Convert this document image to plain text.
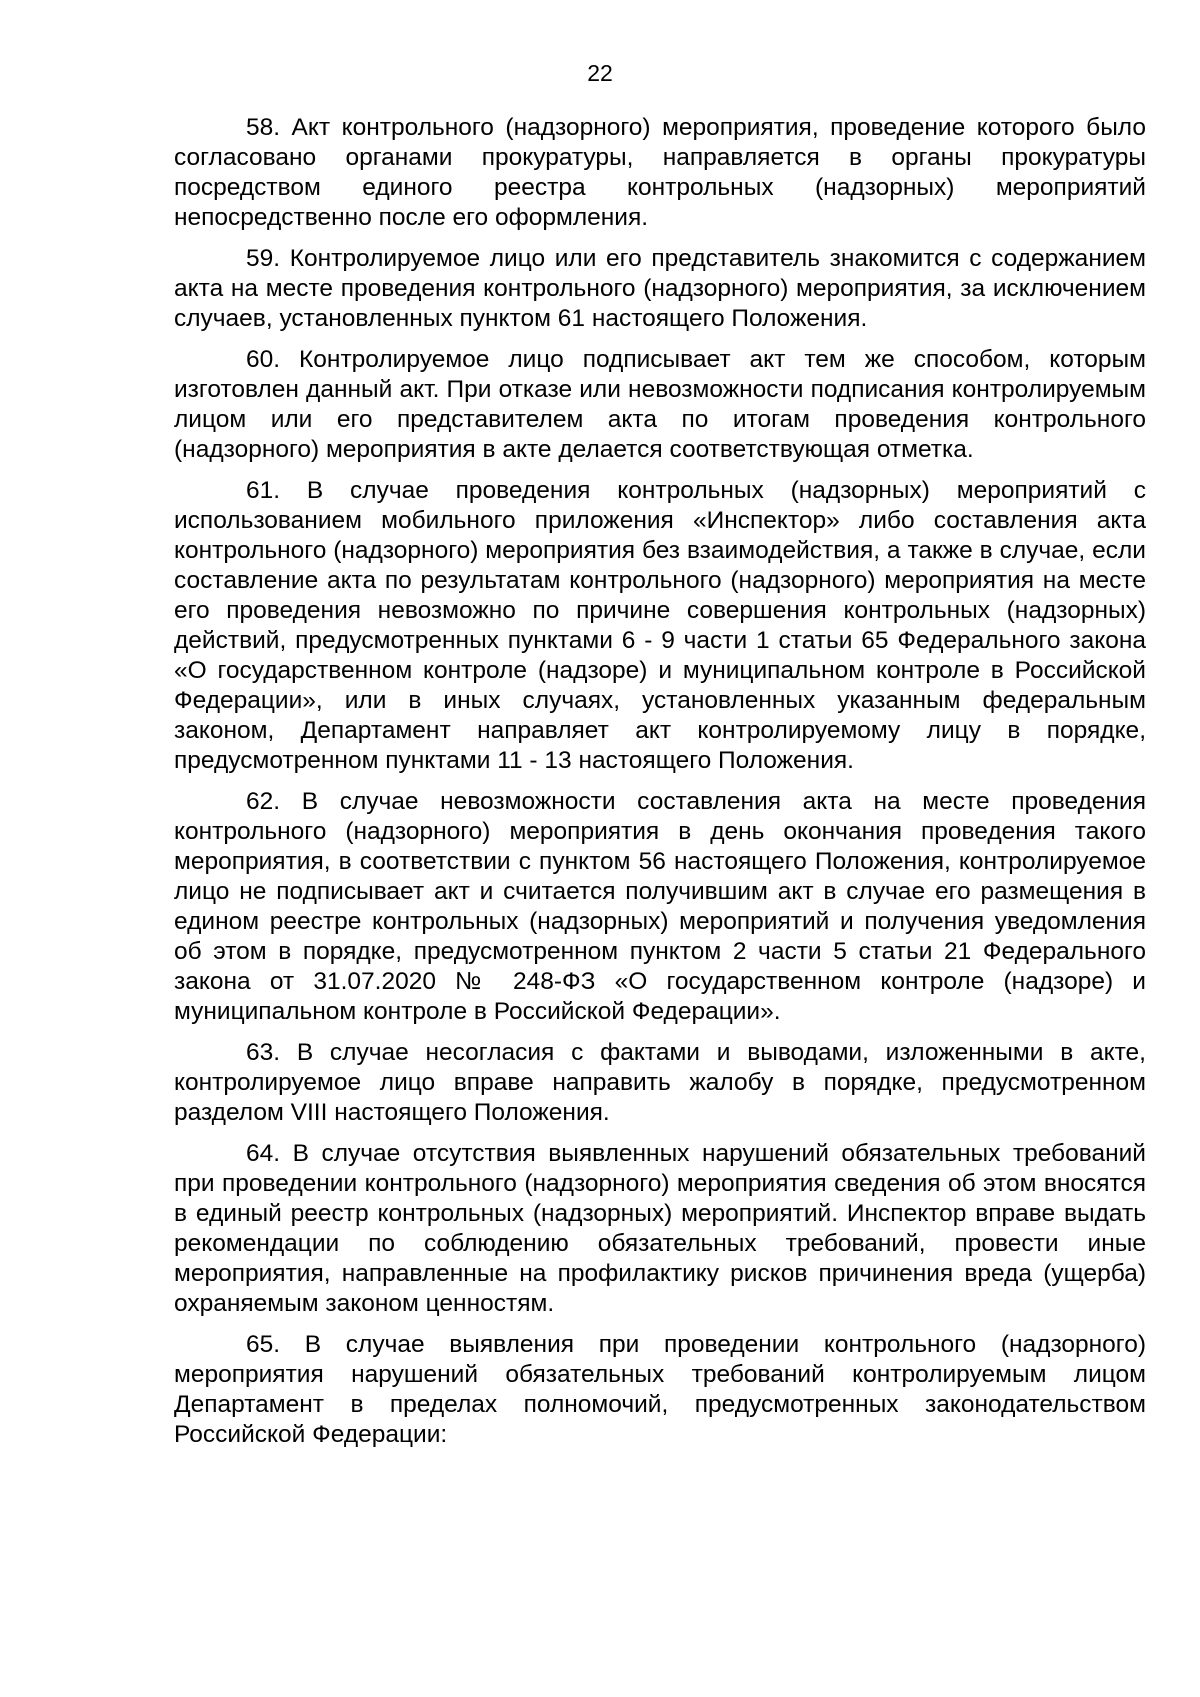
22

58. Акт контрольного (надзорного) мероприятия, проведение которого было согласовано органами прокуратуры, направляется в органы прокуратуры посредством единого реестра контрольных (надзорных) мероприятий непосредственно после его оформления.

59. Контролируемое лицо или его представитель знакомится с содержанием акта на месте проведения контрольного (надзорного) мероприятия, за исключением случаев, установленных пунктом 61 настоящего Положения.

60. Контролируемое лицо подписывает акт тем же способом, которым изготовлен данный акт. При отказе или невозможности подписания контролируемым лицом или его представителем акта по итогам проведения контрольного (надзорного) мероприятия в акте делается соответствующая отметка.

61. В случае проведения контрольных (надзорных) мероприятий с использованием мобильного приложения «Инспектор» либо составления акта контрольного (надзорного) мероприятия без взаимодействия, а также в случае, если составление акта по результатам контрольного (надзорного) мероприятия на месте его проведения невозможно по причине совершения контрольных (надзорных) действий, предусмотренных пунктами 6 - 9 части 1 статьи 65 Федерального закона «О государственном контроле (надзоре) и муниципальном контроле в Российской Федерации», или в иных случаях, установленных указанным федеральным законом, Департамент направляет акт контролируемому лицу в порядке, предусмотренном пунктами 11 - 13 настоящего Положения.

62. В случае невозможности составления акта на месте проведения контрольного (надзорного) мероприятия в день окончания проведения такого мероприятия, в соответствии с пунктом 56 настоящего Положения, контролируемое лицо не подписывает акт и считается получившим акт в случае его размещения в едином реестре контрольных (надзорных) мероприятий и получения уведомления об этом в порядке, предусмотренном пунктом 2 части 5 статьи 21 Федерального закона от 31.07.2020 № 248-ФЗ «О государственном контроле (надзоре) и муниципальном контроле в Российской Федерации».

63. В случае несогласия с фактами и выводами, изложенными в акте, контролируемое лицо вправе направить жалобу в порядке, предусмотренном разделом VIII настоящего Положения.

64. В случае отсутствия выявленных нарушений обязательных требований при проведении контрольного (надзорного) мероприятия сведения об этом вносятся в единый реестр контрольных (надзорных) мероприятий. Инспектор вправе выдать рекомендации по соблюдению обязательных требований, провести иные мероприятия, направленные на профилактику рисков причинения вреда (ущерба) охраняемым законом ценностям.

65. В случае выявления при проведении контрольного (надзорного) мероприятия нарушений обязательных требований контролируемым лицом Департамент в пределах полномочий, предусмотренных законодательством Российской Федерации:
